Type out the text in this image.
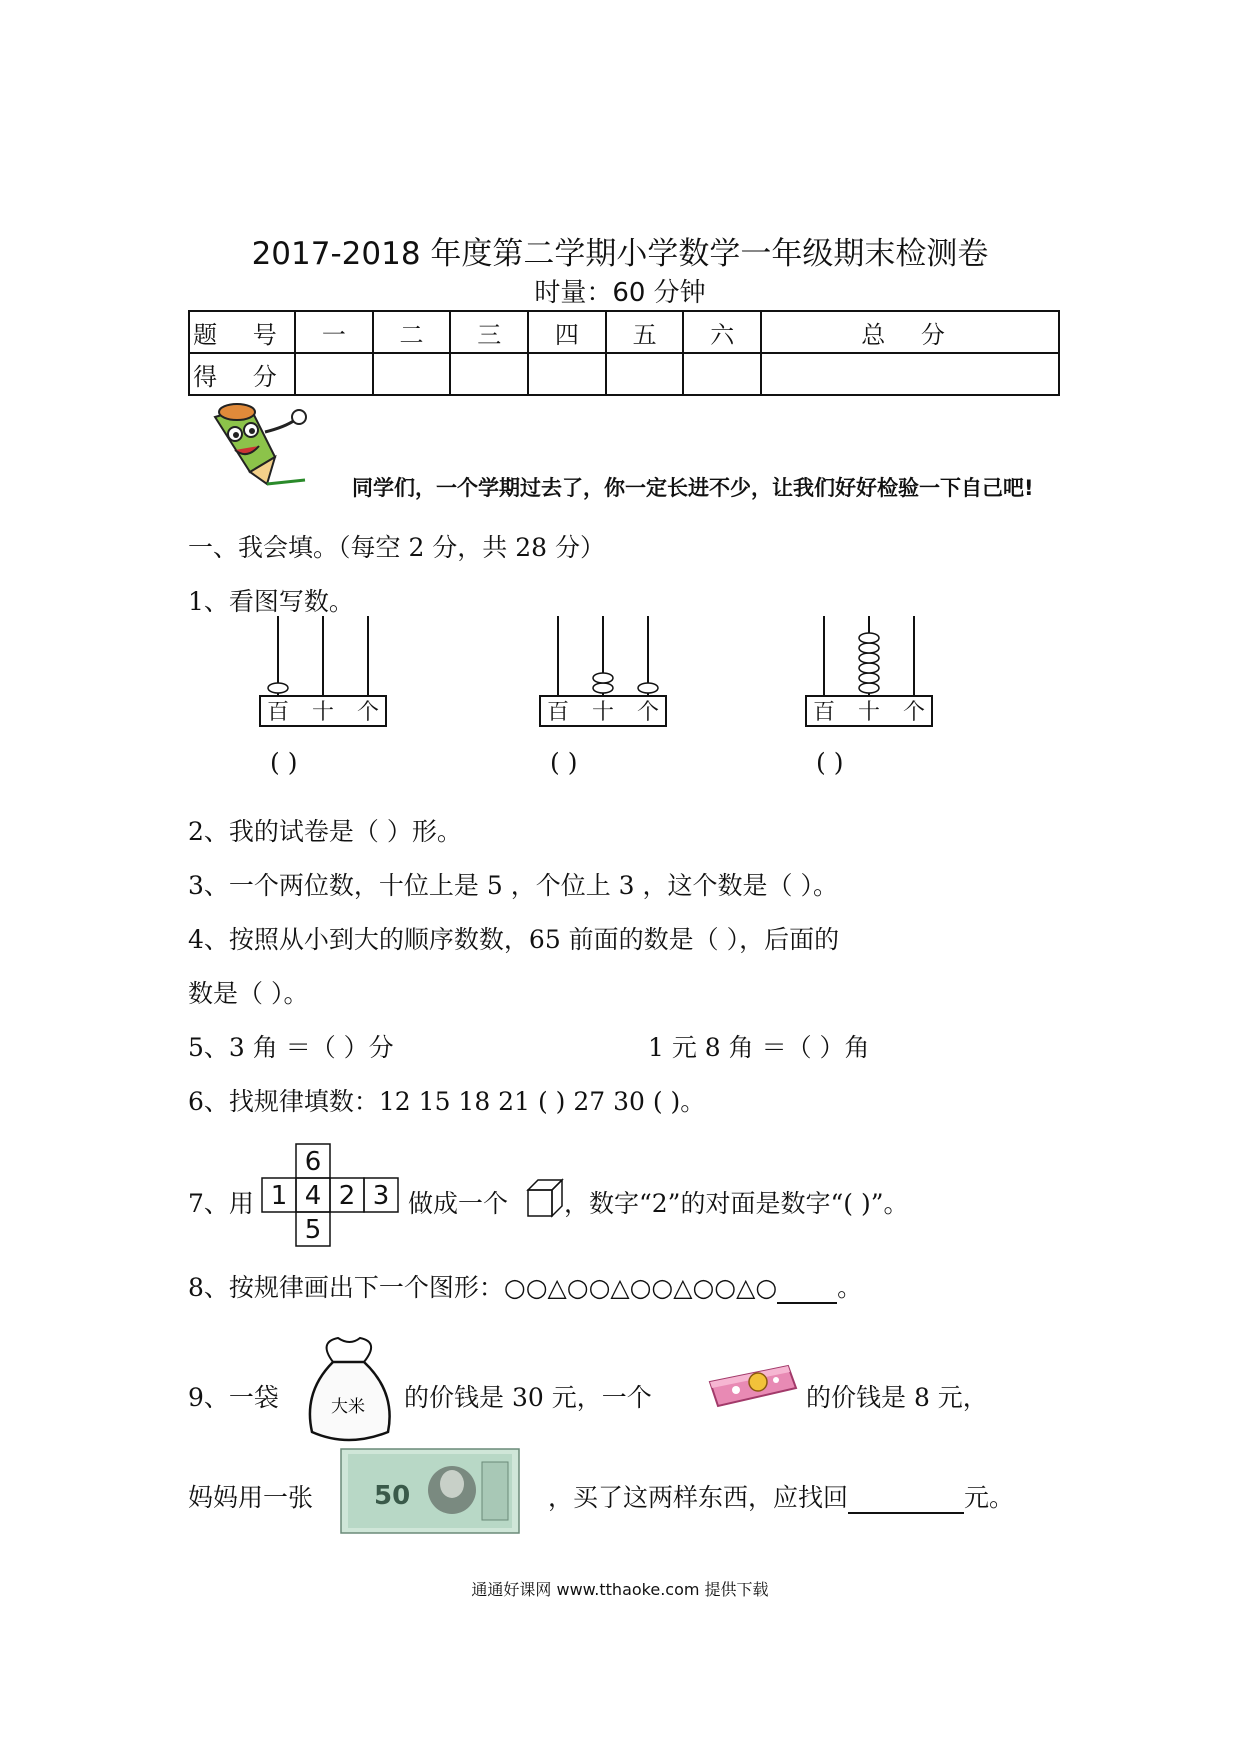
2017-2018 年度第二学期小学数学一年级期末检测卷
时量：60 分钟
题 号	一	二	三	四	五	六	总 分
得 分							
同学们，一个学期过去了，你一定长进不少，让我们好好检验一下自己吧!
一、我会填。（每空 2 分，共 28 分）
1、看图写数。
百 十 个	百 十 个	百 十 个
( )	( )	( )
2、我的试卷是（ ）形。
3、一个两位数，十位上是 5 ，个位上 3 ，这个数是（ ）。
4、按照从小到大的顺序数数，65 前面的数是（ ），后面的
数是（ ）。
5、3 角 ＝（ ）分	1 元 8 角 ＝（ ）角
6、找规律填数：12 15 18 21 ( ) 27 30 ( )。
7、用
6
1 4 2 3
5
做成一个 ，数字“2”的对面是数字“( )”。
8、按规律画出下一个图形：○○△○○△○○△○○△○ 。
9、一袋	大米 的价钱是 30 元，一个	的价钱是 8 元，
妈妈用一张 50	，买了这两样东西，应找回	元。
通通好课网 www.tthaoke.com 提供下载
